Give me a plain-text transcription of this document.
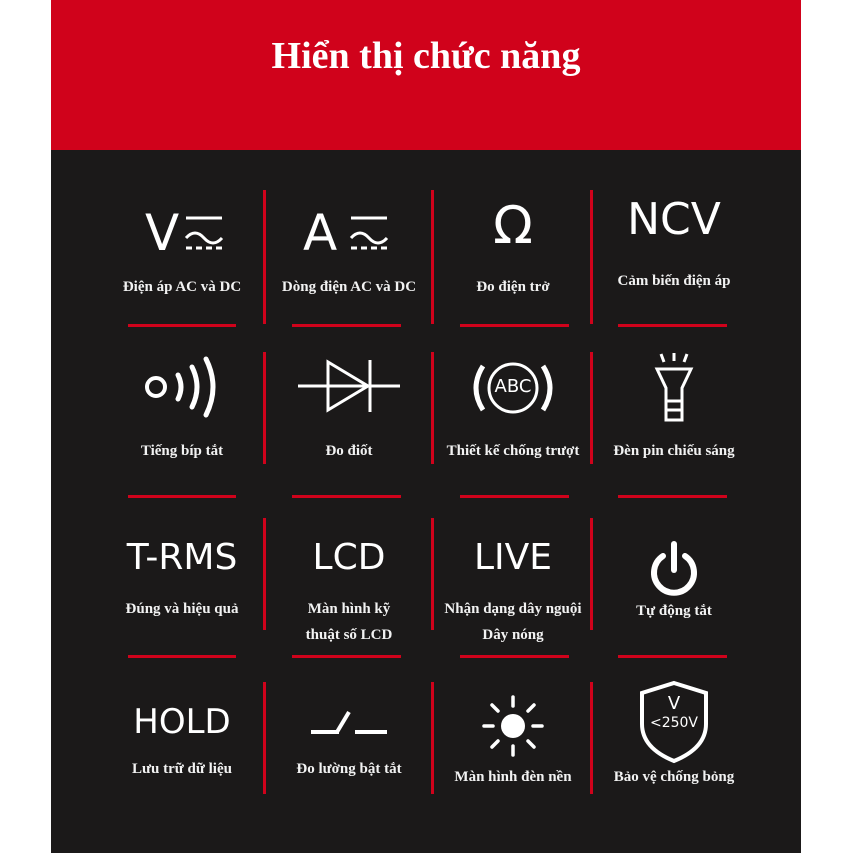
Hiển thị chức năng
V
Điện áp AC và DC
A
Dòng điện AC và DC
Ω
Đo điện trở
NCV
Cảm biến điện áp
Tiếng bíp tắt	Đo điốt
ABC
Thiết kế chống trượt	Đèn pin chiếu sáng
T-RMS
Đúng và hiệu quả
LCD
Màn hình kỹ
thuật số LCD
LIVE
Nhận dạng dây nguội
Dây nóng
Tự động tắt
HOLD
Lưu trữ dữ liệu	Đo lường bật tắt	Màn hình đèn nền
V
<250V
Bảo vệ chống bỏng
